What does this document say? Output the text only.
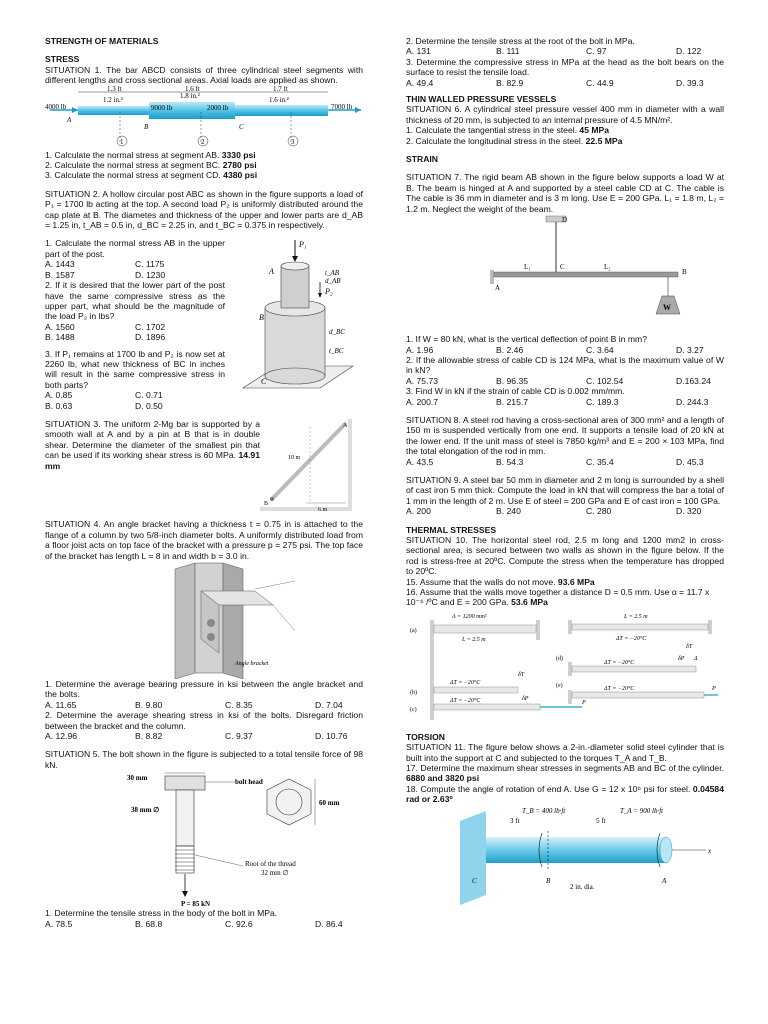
STRENGTH OF MATERIALS

STRESS

SITUATION 1. The bar ABCD consists of three cylindrical steel segments with different lengths and cross sectional areas. Axial loads are applied as shown.

1.3 ft	1.6 ft	1.7 ft
1.2 in.²	1.8 in.²	1.6 in.²
4000 lb	9000 lb	2000 lb	7000 lb
A
B	C
1	2	3

1. Calculate the normal stress at segment AB. 3330 psi

2. Calculate the normal stress at segment BC. 2780 psi

3. Calculate the normal stress at segment CD. 4380 psi

SITUATION 2. A hollow circular post ABC as shown in the figure supports a load of P₁ = 1700 lb acting at the top. A second load P₂ is uniformly distributed around the cap plate at B. The diametes and thickness of the upper and lower parts are d_AB = 1.25 in, t_AB = 0.5 in, d_BC = 2.25 in, and t_BC = 0.375 in respectively.

1. Calculate the normal stress AB in the upper part of the post.

A. 1443	C. 1175
B. 1587	D. 1230

2. If it is desired that the lower part of the post have the same compressive stress as the upper part, what should be the magnitude of the load P₂ in lbs?

A. 1560	C. 1702
B. 1488	D. 1896

3. If P₁ remains at 1700 lb and P₂ is now set at 2260 lb, what new thickness of BC in inches will result in the same compressive stress in both parts?

A. 0.85	C. 0.71
B. 0.63	D. 0.50
P₁
t_AB
d_AB
P₂
d_BC
t_BC
A
B
C

SITUATION 3. The uniform 2-Mg bar is supported by a smooth wall at A and by a pin at B that is in double shear. Determine the diameter of the smallest pin that can be used if its working shear stress is 60 MPa. 14.91 mm

10 m
6 m
A
B

SITUATION 4. An angle bracket having a thickness t = 0.75 in is attached to the flange of a column by two 5/8-inch diameter bolts. A uniformly distributed load from a floor joist acts on top face of the bracket with a pressure p = 275 psi. The top face of the bracket has length L = 8 in and width b = 3.0 in.

Angle bracket

1. Determine the average bearing pressure in ksi between the angle bracket and the bolts.

A. 11.65	B. 9.80	C. 8.35	D. 7.04

2. Determine the average shearing stress in ksi of the bolts. Disregard friction between the bracket and the column.

A. 12.96	B. 8.82	C. 9.37	D. 10.76

SITUATION 5. The bolt shown in the figure is subjected to a total tensile force of 98 kN.

30 mm	bolt head
38 mm ∅
60 mm
Root of the thread
32 mm ∅
P = 85 kN

1. Determine the tensile stress in the body of the bolt in MPa.

A. 78.5	B. 68.8	C. 92.6	D. 86.4

2. Determine the tensile stress at the root of the bolt in MPa.

A. 131	B. 111	C. 97	D. 122

3. Determine the compressive stress in MPa at the head as the bolt bears on the surface to resist the tensile load.

A. 49.4	B. 82.9	C. 44.9	D. 39.3

THIN WALLED PRESSURE VESSELS

SITUATION 6. A cylindrical steel pressure vessel 400 mm in diameter with a wall thickness of 20 mm, is subjected to an internal pressure of 4.5 MN/m².

1. Calculate the tangential stress in the steel. 45 MPa

2. Calculate the longitudinal stress in the steel. 22.5 MPa

STRAIN

SITUATION 7. The rigid beam AB shown in the figure below supports a load W at B. The beam is hinged at A and supported by a steel cable CD at C. The cable is The cable is 36 mm in diameter and is 3 m long. Use E = 200 GPa. L₁ = 1.8 m, L₂ = 1.2 m. Neglect the weight of the beam.

D
A
B
C
L₁	L₂
W

1. If W = 80 kN, what is the vertical deflection of point B in mm?

A. 1.96	B. 2.46	C. 3.64	D. 3.27

2. If the allowable stress of cable CD is 124 MPa, what is the maximum value of W in kN?

A. 75.73	B. 96.35	C. 102.54	D.163.24

3. Find W in kN if the strain of cable CD is 0.002 mm/mm.

A. 200.7	B. 215.7	C. 189.3	D. 244.3

SITUATION 8. A steel rod having a cross-sectional area of 300 mm² and a length of 150 m is suspended vertically from one end. It supports a tensile load of 20 kN at the lower end. If the unit mass of steel is 7850 kg/m³ and E = 200 × 103 MPa, find the total elongation of the rod in mm.

A. 43.5	B. 54.3	C. 35.4	D. 45.3

SITUATION 9. A steel bar 50 mm in diameter and 2 m long is surrounded by a shell of cast iron 5 mm thick. Compute the load in kN that will compress the bar a total of 1 mm in the length of 2 m. Use E of steel = 200 GPa and E of cast iron = 100 GPa.

A. 200	B. 240	C. 280	D. 320

THERMAL STRESSES

SITUATION 10. The horizontal steel rod, 2.5 m long and 1200 mm2 in cross-sectional area, is secured between two walls as shown in the figure below. If the rod is stress-free at 20ºC. Compute the stress when the temperature has dropped to 20ºC.

15. Assume that the walls do not move. 93.6 MPa

16. Assume that the walls move together a distance D = 0.5 mm. Use α = 11.7 x 10⁻⁶ /ºC and E = 200 GPa. 53.6 MPa

(a)
(b)
(c)
(d)
(e)
A = 1200 mm²
L = 2.5 m
L = 2.5 m
ΔT = −20°C
ΔT = −20°C
ΔT = −20°C
ΔT = −20°C
ΔT = −20°C
δT
δP
δT
δP Δ
P
P

TORSION

SITUATION 11. The figure below shows a 2-in.-diameter solid steel cylinder that is built into the support at C and subjected to the torques T_A and T_B.

17. Determine the maximum shear stresses in segments AB and BC of the cylinder. 6880 and 3820 psi

18. Compute the angle of rotation of end A. Use G = 12 x 10⁶ psi for steel. 0.04584 rad or 2.63º

T_B = 400 lb·ft	T_A = 900 lb·ft
3 ft	5 ft
2 in. dia.
C	B	A
x
